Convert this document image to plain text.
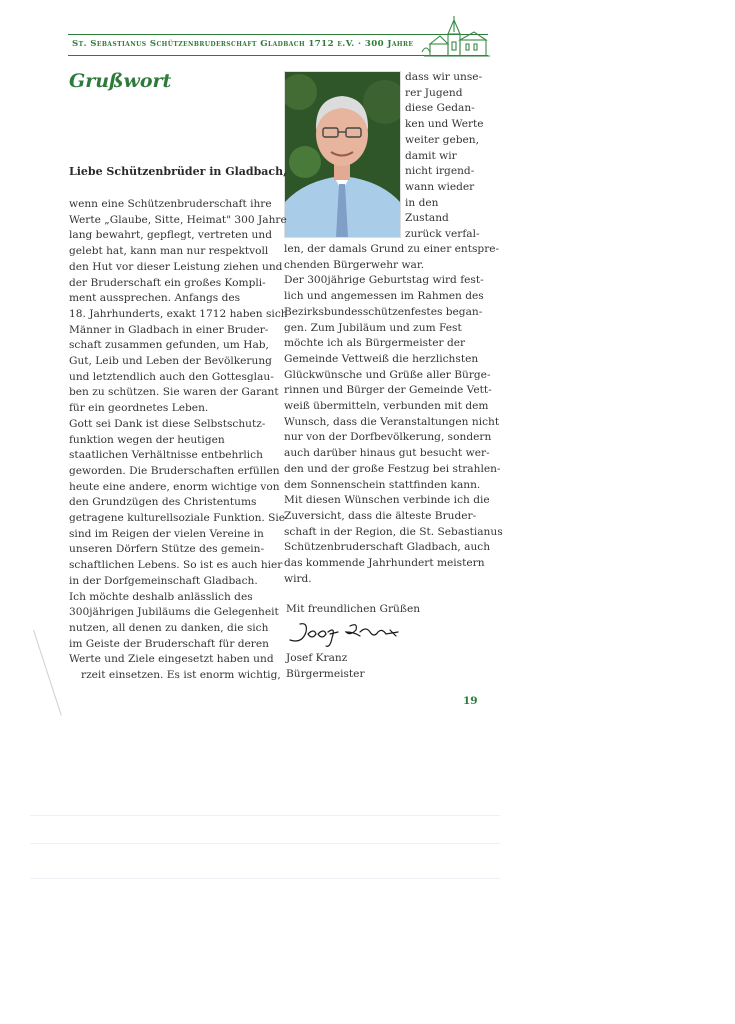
St. Sebastianus Schützenbruderschaft Gladbach 1712 e.V. · 300 Jahre
Grußwort
Liebe Schützenbrüder in Gladbach,
wenn eine Schützenbruderschaft ihre
Werte „Glaube, Sitte, Heimat" 300 Jahre
lang bewahrt, gepflegt, vertreten und
gelebt hat, kann man nur respektvoll
den Hut vor dieser Leistung ziehen und
der Bruderschaft ein großes Kompli-
ment aussprechen. Anfangs des
18. Jahrhunderts, exakt 1712 haben sich
Männer in Gladbach in einer Bruder-
schaft zusammen gefunden, um Hab,
Gut, Leib und Leben der Bevölkerung
und letztendlich auch den Gottesglau-
ben zu schützen. Sie waren der Garant
für ein geordnetes Leben.
Gott sei Dank ist diese Selbstschutz-
funktion wegen der heutigen
staatlichen Verhältnisse entbehrlich
geworden. Die Bruderschaften erfüllen
heute eine andere, enorm wichtige von
den Grundzügen des Christentums
getragene kulturellsoziale Funktion. Sie
sind im Reigen der vielen Vereine in
unseren Dörfern Stütze des gemein-
schaftlichen Lebens. So ist es auch hier
in der Dorfgemeinschaft Gladbach.
Ich möchte deshalb anlässlich des
300jährigen Jubiläums die Gelegenheit
nutzen, all denen zu danken, die sich
im Geiste der Bruderschaft für deren
Werte und Ziele eingesetzt haben und
rzeit einsetzen. Es ist enorm wichtig,
dass wir unse-
rer Jugend
diese Gedan-
ken und Werte
weiter geben,
damit wir
nicht irgend-
wann wieder
in den
Zustand
zurück verfal-
len, der damals Grund zu einer entspre-
chenden Bürgerwehr war.
Der 300jährige Geburtstag wird fest-
lich und angemessen im Rahmen des
Bezirksbundesschützenfestes began-
gen. Zum Jubiläum und zum Fest
möchte ich als Bürgermeister der
Gemeinde Vettweiß die herzlichsten
Glückwünsche und Grüße aller Bürge-
rinnen und Bürger der Gemeinde Vett-
weiß übermitteln, verbunden mit dem
Wunsch, dass die Veranstaltungen nicht
nur von der Dorfbevölkerung, sondern
auch darüber hinaus gut besucht wer-
den und der große Festzug bei strahlen-
dem Sonnenschein stattfinden kann.
Mit diesen Wünschen verbinde ich die
Zuversicht, dass die älteste Bruder-
schaft in der Region, die St. Sebastianus
Schützenbruderschaft Gladbach, auch
das kommende Jahrhundert meistern
wird.
Mit freundlichen Grüßen
Josef Kranz
Bürgermeister
19
